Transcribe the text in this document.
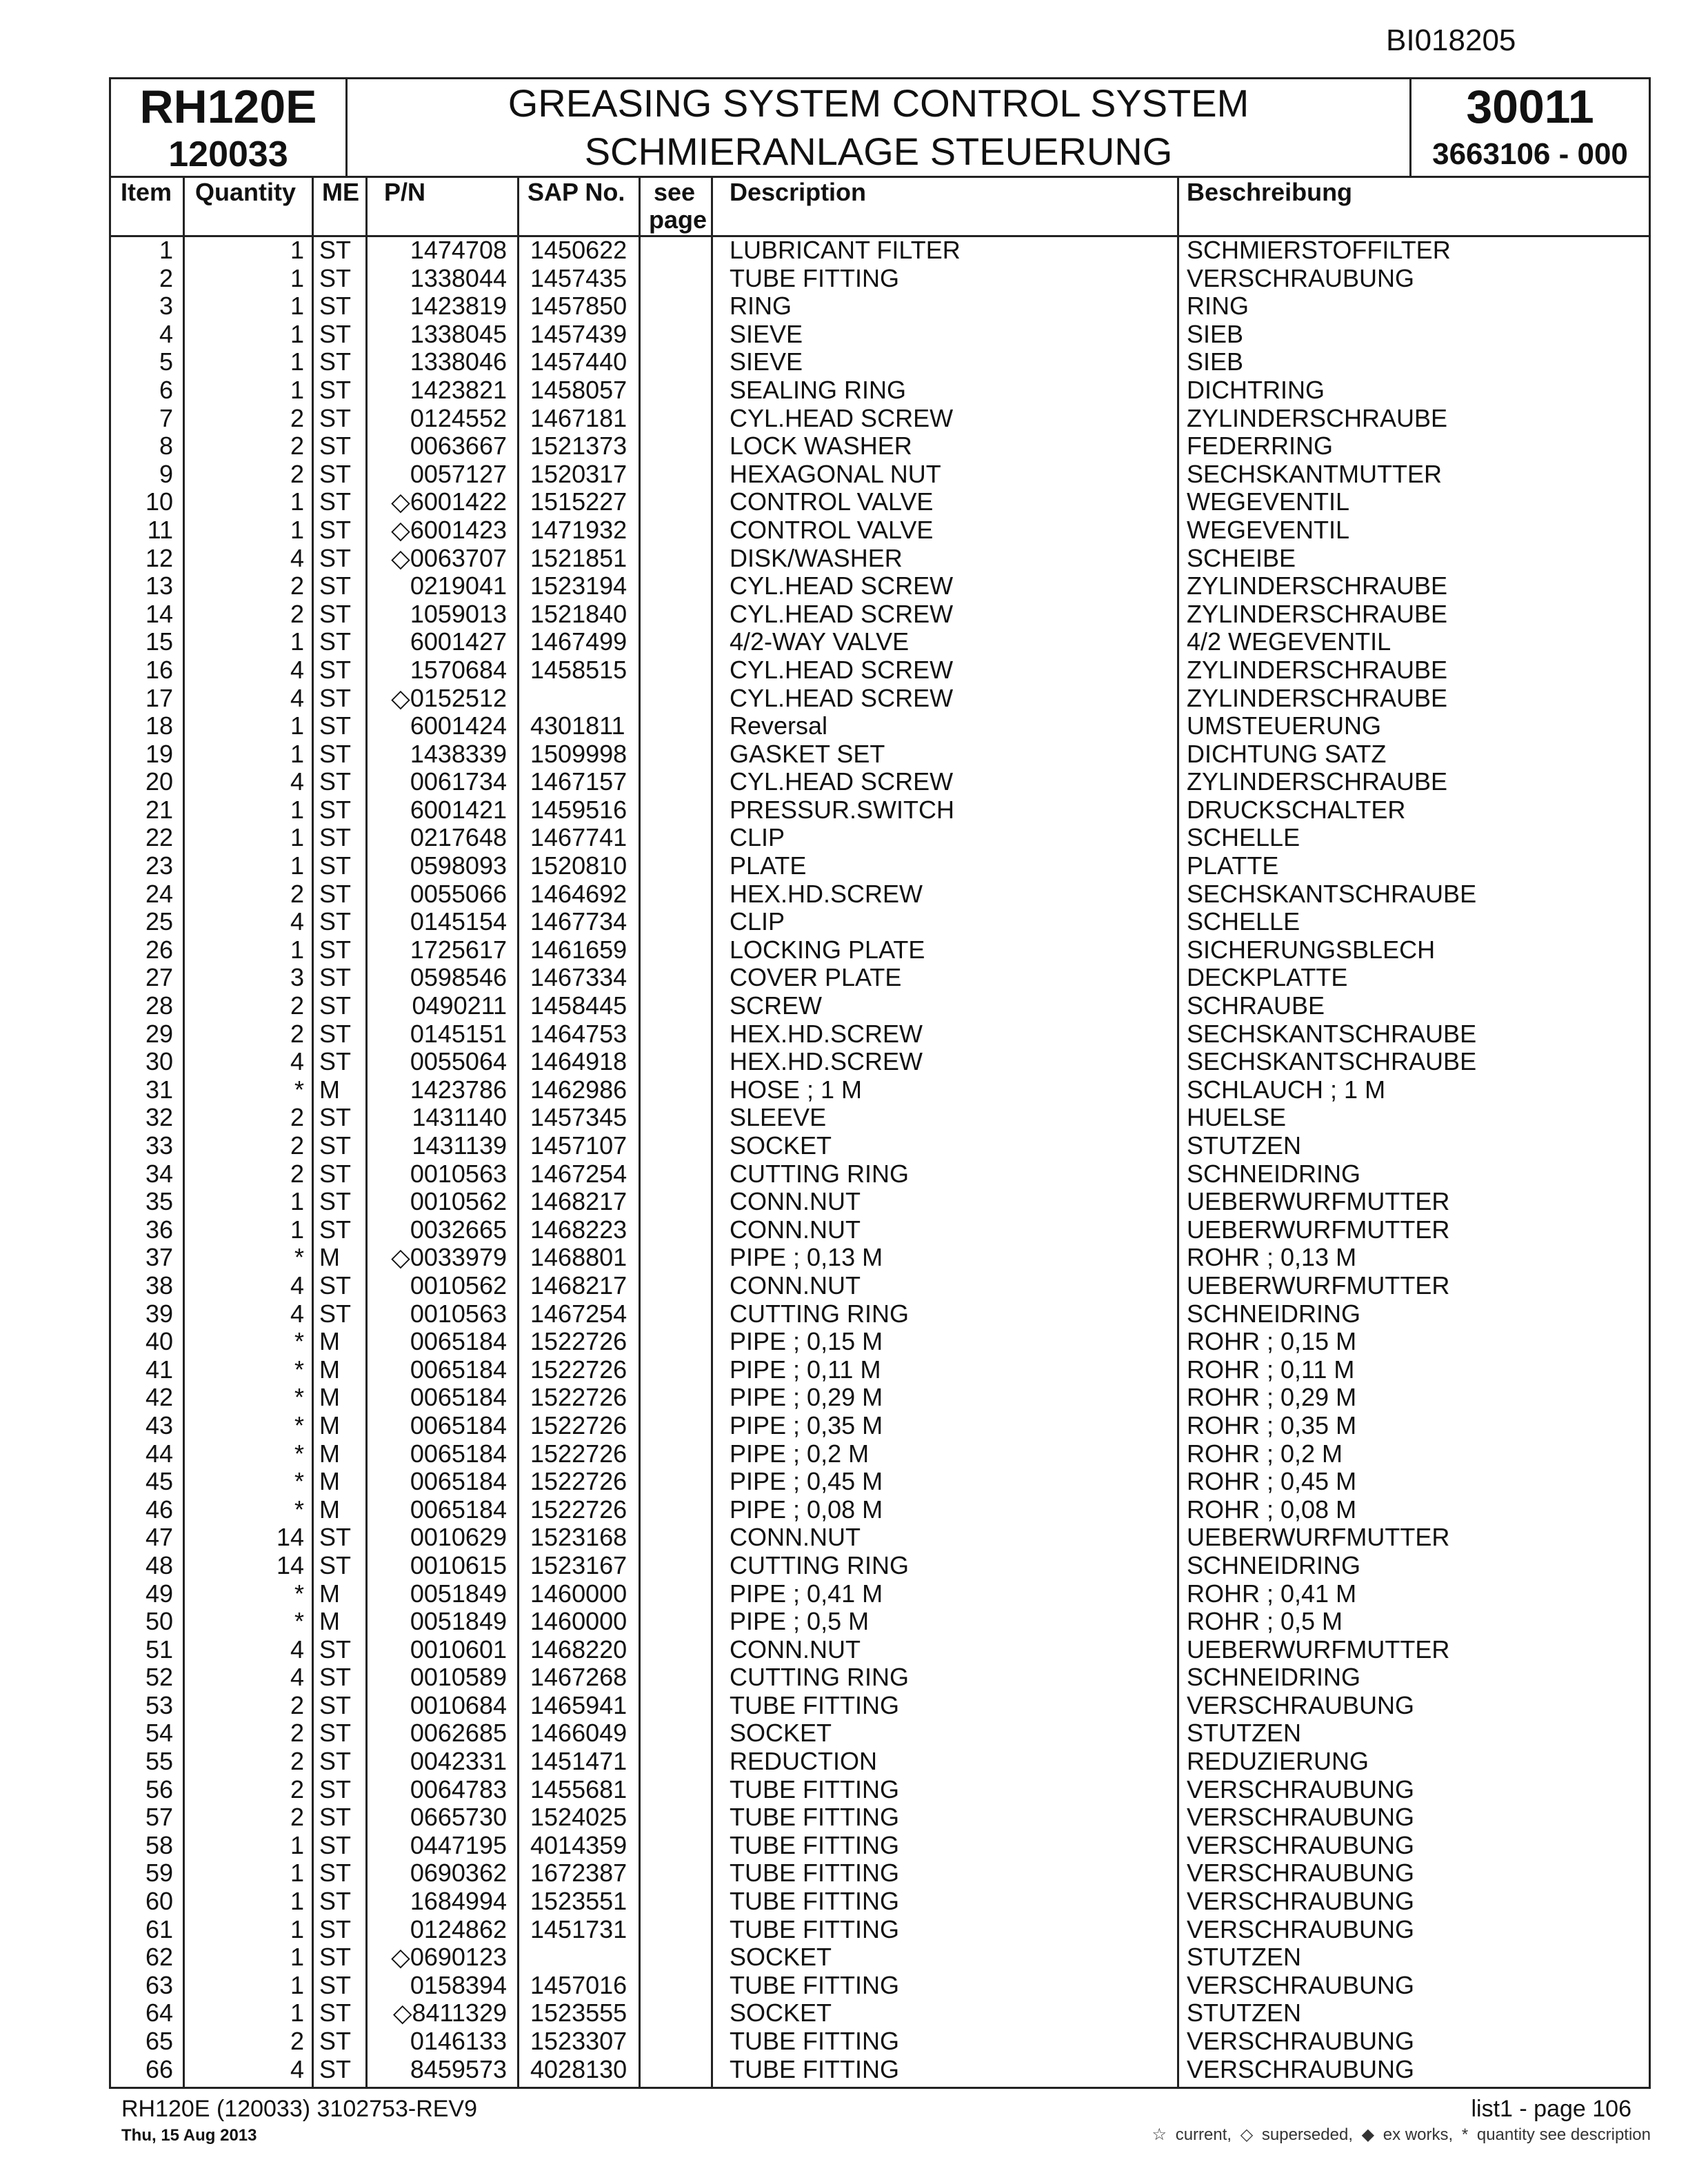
BI018205
RH120E
120033
GREASING SYSTEM CONTROL SYSTEM
SCHMIERANLAGE STEUERUNG
30011
3663106 - 000
Item Quantity ME P/N	SAP No. see
page
Description	Beschreibung
1	1 ST 1474708 1450622	LUBRICANT FILTER	SCHMIERSTOFFILTER
2	1 ST 1338044 1457435	TUBE FITTING	VERSCHRAUBUNG
3	1 ST 1423819 1457850	RING	RING
4	1 ST 1338045 1457439	SIEVE	SIEB
5	1 ST 1338046 1457440	SIEVE	SIEB
6	1 ST 1423821 1458057	SEALING RING	DICHTRING
7	2 ST 0124552 1467181	CYL.HEAD SCREW	ZYLINDERSCHRAUBE
8	2 ST 0063667 1521373	LOCK WASHER	FEDERRING
9	2 ST 0057127 1520317	HEXAGONAL NUT	SECHSKANTMUTTER
10	1 ST ◇6001422 1515227	CONTROL VALVE	WEGEVENTIL
11	1 ST ◇6001423 1471932	CONTROL VALVE	WEGEVENTIL
12	4 ST ◇0063707 1521851	DISK/WASHER	SCHEIBE
13	2 ST 0219041 1523194	CYL.HEAD SCREW	ZYLINDERSCHRAUBE
14	2 ST 1059013 1521840	CYL.HEAD SCREW	ZYLINDERSCHRAUBE
15	1 ST 6001427 1467499	4/2-WAY VALVE	4/2 WEGEVENTIL
16	4 ST 1570684 1458515	CYL.HEAD SCREW	ZYLINDERSCHRAUBE
17	4 ST ◇0152512	CYL.HEAD SCREW	ZYLINDERSCHRAUBE
18	1 ST 6001424 4301811	Reversal	UMSTEUERUNG
19	1 ST 1438339 1509998	GASKET SET	DICHTUNG SATZ
20	4 ST 0061734 1467157	CYL.HEAD SCREW	ZYLINDERSCHRAUBE
21	1 ST 6001421 1459516	PRESSUR.SWITCH	DRUCKSCHALTER
22	1 ST 0217648 1467741	CLIP	SCHELLE
23	1 ST 0598093 1520810	PLATE	PLATTE
24	2 ST 0055066 1464692	HEX.HD.SCREW	SECHSKANTSCHRAUBE
25	4 ST 0145154 1467734	CLIP	SCHELLE
26	1 ST 1725617 1461659	LOCKING PLATE	SICHERUNGSBLECH
27	3 ST 0598546 1467334	COVER PLATE	DECKPLATTE
28	2 ST 0490211 1458445	SCREW	SCHRAUBE
29	2 ST 0145151 1464753	HEX.HD.SCREW	SECHSKANTSCHRAUBE
30	4 ST 0055064 1464918	HEX.HD.SCREW	SECHSKANTSCHRAUBE
31	* M	1423786 1462986	HOSE ; 1 M	SCHLAUCH ; 1 M
32	2 ST 1431140 1457345	SLEEVE	HUELSE
33	2 ST 1431139 1457107	SOCKET	STUTZEN
34	2 ST 0010563 1467254	CUTTING RING	SCHNEIDRING
35	1 ST 0010562 1468217	CONN.NUT	UEBERWURFMUTTER
36	1 ST 0032665 1468223	CONN.NUT	UEBERWURFMUTTER
37	* M ◇0033979 1468801	PIPE ; 0,13 M	ROHR ; 0,13 M
38	4 ST 0010562 1468217	CONN.NUT	UEBERWURFMUTTER
39	4 ST 0010563 1467254	CUTTING RING	SCHNEIDRING
40	* M	0065184 1522726	PIPE ; 0,15 M	ROHR ; 0,15 M
41	* M	0065184 1522726	PIPE ; 0,11 M	ROHR ; 0,11 M
42	* M	0065184 1522726	PIPE ; 0,29 M	ROHR ; 0,29 M
43	* M	0065184 1522726	PIPE ; 0,35 M	ROHR ; 0,35 M
44	* M	0065184 1522726	PIPE ; 0,2 M	ROHR ; 0,2 M
45	* M	0065184 1522726	PIPE ; 0,45 M	ROHR ; 0,45 M
46	* M	0065184 1522726	PIPE ; 0,08 M	ROHR ; 0,08 M
47	14 ST 0010629 1523168	CONN.NUT	UEBERWURFMUTTER
48	14 ST 0010615 1523167	CUTTING RING	SCHNEIDRING
49	* M	0051849 1460000	PIPE ; 0,41 M	ROHR ; 0,41 M
50	* M	0051849 1460000	PIPE ; 0,5 M	ROHR ; 0,5 M
51	4 ST 0010601 1468220	CONN.NUT	UEBERWURFMUTTER
52	4 ST 0010589 1467268	CUTTING RING	SCHNEIDRING
53	2 ST 0010684 1465941	TUBE FITTING	VERSCHRAUBUNG
54	2 ST 0062685 1466049	SOCKET	STUTZEN
55	2 ST 0042331 1451471	REDUCTION	REDUZIERUNG
56	2 ST 0064783 1455681	TUBE FITTING	VERSCHRAUBUNG
57	2 ST 0665730 1524025	TUBE FITTING	VERSCHRAUBUNG
58	1 ST 0447195 4014359	TUBE FITTING	VERSCHRAUBUNG
59	1 ST 0690362 1672387	TUBE FITTING	VERSCHRAUBUNG
60	1 ST 1684994 1523551	TUBE FITTING	VERSCHRAUBUNG
61	1 ST 0124862 1451731	TUBE FITTING	VERSCHRAUBUNG
62	1 ST ◇0690123	SOCKET	STUTZEN
63	1 ST 0158394 1457016	TUBE FITTING	VERSCHRAUBUNG
64	1 ST ◇8411329 1523555	SOCKET	STUTZEN
65	2 ST 0146133 1523307	TUBE FITTING	VERSCHRAUBUNG
66	4 ST 8459573 4028130	TUBE FITTING	VERSCHRAUBUNG
RH120E (120033) 3102753-REV9
Thu, 15 Aug 2013
list1 - page 106
☆ current, ◇ superseded, ◆ ex works, * quantity see description
